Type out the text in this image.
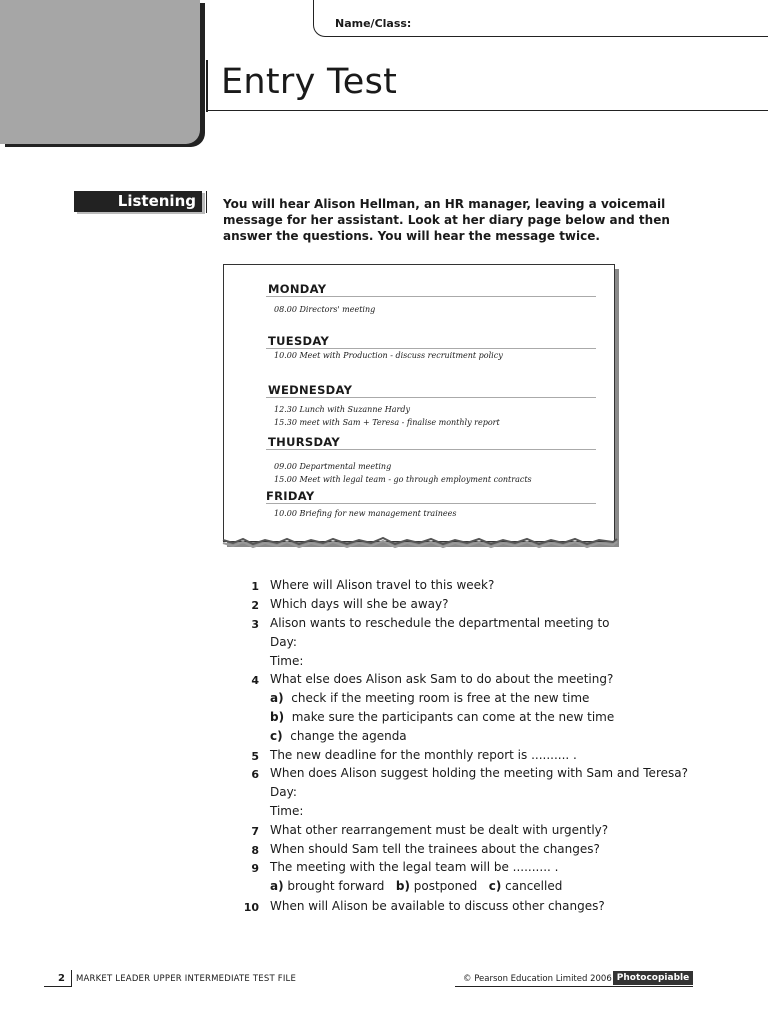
Name/Class:
Entry Test
Listening You will hear Alison Hellman, an HR manager, leaving a voicemail message for her assistant. Look at her diary page below and then answer the questions. You will hear the message twice.
MONDAY
08.00 Directors' meeting
TUESDAY
10.00 Meet with Production - discuss recruitment policy
WEDNESDAY
12.30 Lunch with Suzanne Hardy
15.30 meet with Sam + Teresa - finalise monthly report
THURSDAY
09.00 Departmental meeting
15.00 Meet with legal team - go through employment contracts
FRIDAY
10.00 Briefing for new management trainees
1 Where will Alison travel to this week?
2 Which days will she be away?
3 Alison wants to reschedule the departmental meeting to
Day:
Time:
4 What else does Alison ask Sam to do about the meeting?
a) check if the meeting room is free at the new time
b) make sure the participants can come at the new time
c) change the agenda
5 The new deadline for the monthly report is .......... .
6 When does Alison suggest holding the meeting with Sam and Teresa?
Day:
Time:
7 What other rearrangement must be dealt with urgently?
8 When should Sam tell the trainees about the changes?
9 The meeting with the legal team will be .......... .
a) brought forward b) postponed c) cancelled
10 When will Alison be available to discuss other changes?
2 MARKET LEADER UPPER INTERMEDIATE TEST FILE	© Pearson Education Limited 2006 Photocopiable
